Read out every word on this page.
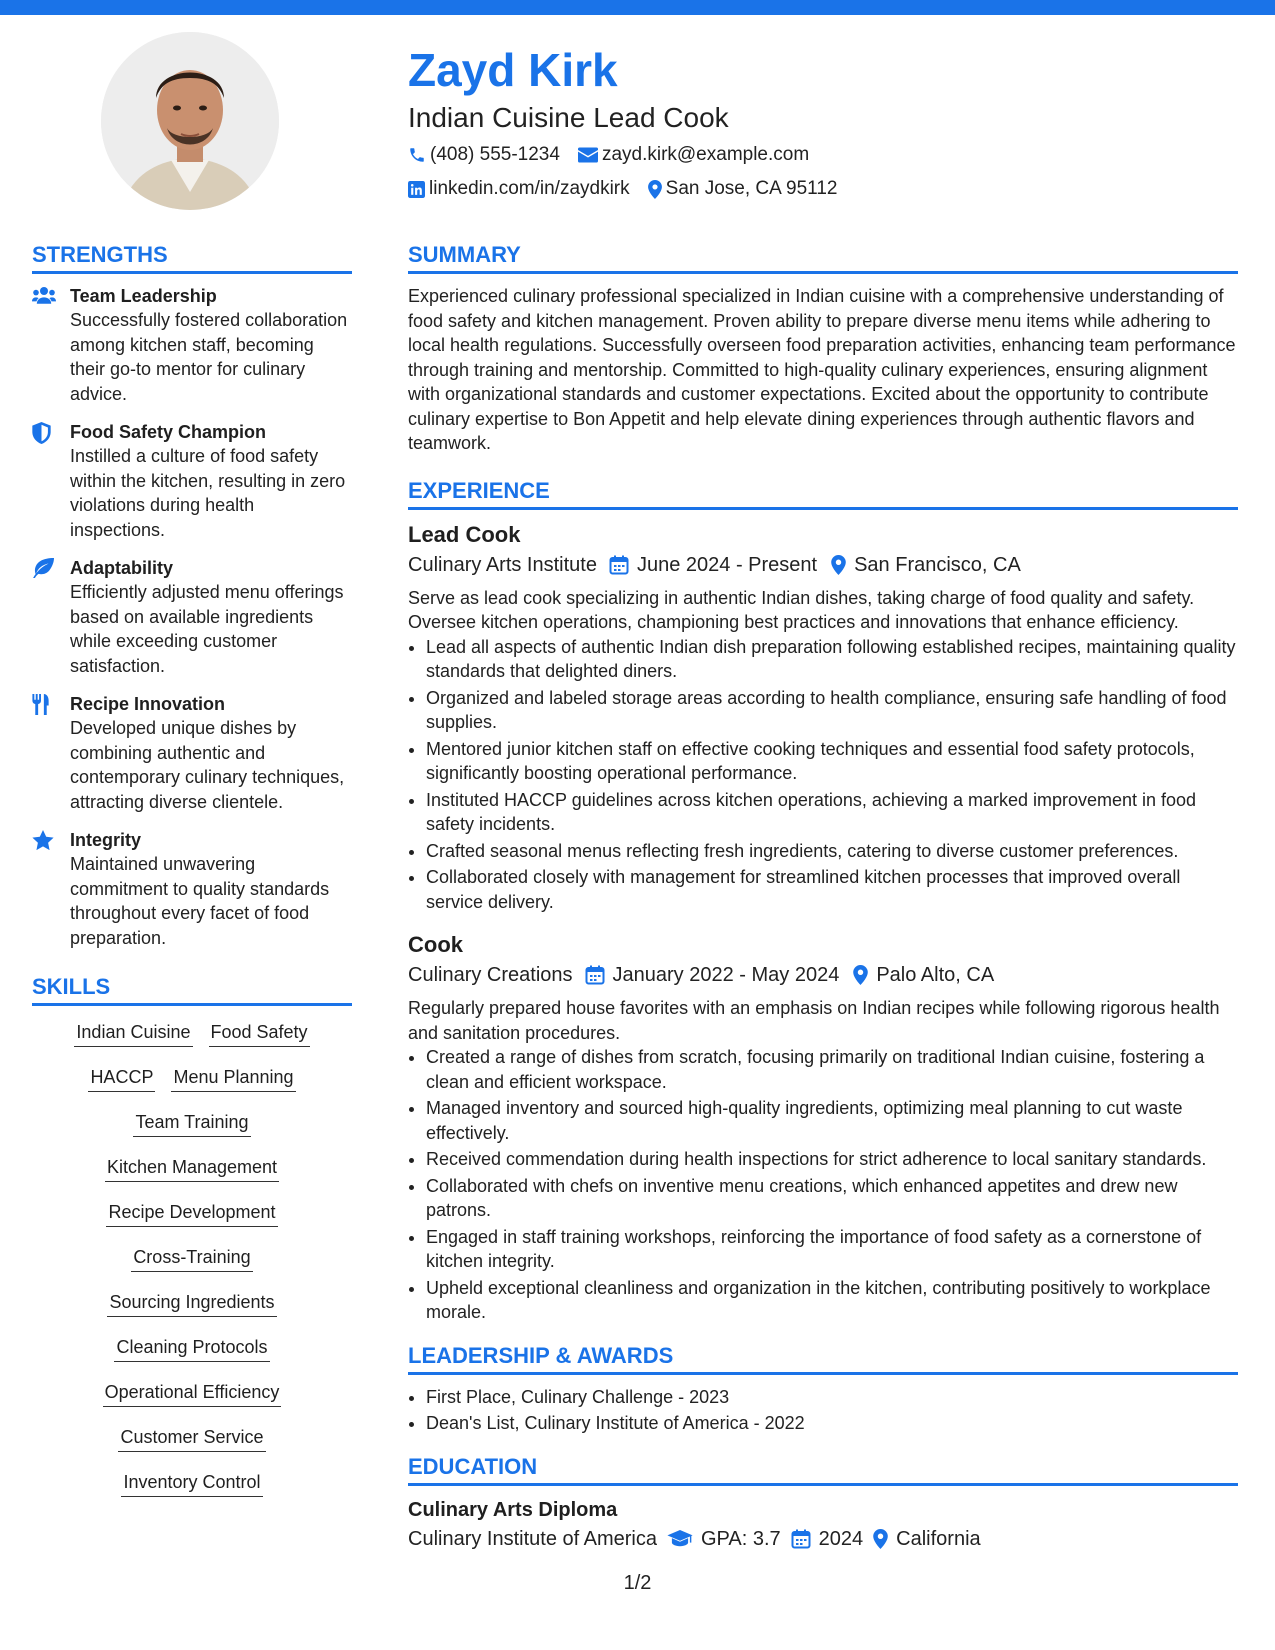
Zayd Kirk
Indian Cuisine Lead Cook
(408) 555-1234 zayd.kirk@example.com
linkedin.com/in/zaydkirk San Jose, CA 95112
STRENGTHS
Team Leadership
Successfully fostered collaboration among kitchen staff, becoming their go-to mentor for culinary advice.
Food Safety Champion
Instilled a culture of food safety within the kitchen, resulting in zero violations during health inspections.
Adaptability
Efficiently adjusted menu offerings based on available ingredients while exceeding customer satisfaction.
Recipe Innovation
Developed unique dishes by combining authentic and contemporary culinary techniques, attracting diverse clientele.
Integrity
Maintained unwavering commitment to quality standards throughout every facet of food preparation.
SKILLS
Indian Cuisine Food Safety
HACCP Menu Planning
Team Training
Kitchen Management
Recipe Development
Cross-Training
Sourcing Ingredients
Cleaning Protocols
Operational Efficiency
Customer Service
Inventory Control
SUMMARY
Experienced culinary professional specialized in Indian cuisine with a comprehensive understanding of food safety and kitchen management. Proven ability to prepare diverse menu items while adhering to local health regulations. Successfully overseen food preparation activities, enhancing team performance through training and mentorship. Committed to high-quality culinary experiences, ensuring alignment with organizational standards and customer expectations. Excited about the opportunity to contribute culinary expertise to Bon Appetit and help elevate dining experiences through authentic flavors and teamwork.
EXPERIENCE
Lead Cook
Culinary Arts Institute June 2024 - Present San Francisco, CA
Serve as lead cook specializing in authentic Indian dishes, taking charge of food quality and safety. Oversee kitchen operations, championing best practices and innovations that enhance efficiency.
• Lead all aspects of authentic Indian dish preparation following established recipes, maintaining quality standards that delighted diners.
• Organized and labeled storage areas according to health compliance, ensuring safe handling of food supplies.
• Mentored junior kitchen staff on effective cooking techniques and essential food safety protocols, significantly boosting operational performance.
• Instituted HACCP guidelines across kitchen operations, achieving a marked improvement in food safety incidents.
• Crafted seasonal menus reflecting fresh ingredients, catering to diverse customer preferences.
• Collaborated closely with management for streamlined kitchen processes that improved overall service delivery.
Cook
Culinary Creations January 2022 - May 2024 Palo Alto, CA
Regularly prepared house favorites with an emphasis on Indian recipes while following rigorous health and sanitation procedures.
• Created a range of dishes from scratch, focusing primarily on traditional Indian cuisine, fostering a clean and efficient workspace.
• Managed inventory and sourced high-quality ingredients, optimizing meal planning to cut waste effectively.
• Received commendation during health inspections for strict adherence to local sanitary standards.
• Collaborated with chefs on inventive menu creations, which enhanced appetites and drew new patrons.
• Engaged in staff training workshops, reinforcing the importance of food safety as a cornerstone of kitchen integrity.
• Upheld exceptional cleanliness and organization in the kitchen, contributing positively to workplace morale.
LEADERSHIP & AWARDS
• First Place, Culinary Challenge - 2023
• Dean's List, Culinary Institute of America - 2022
EDUCATION
Culinary Arts Diploma
Culinary Institute of America GPA: 3.7 2024 California
1/2
